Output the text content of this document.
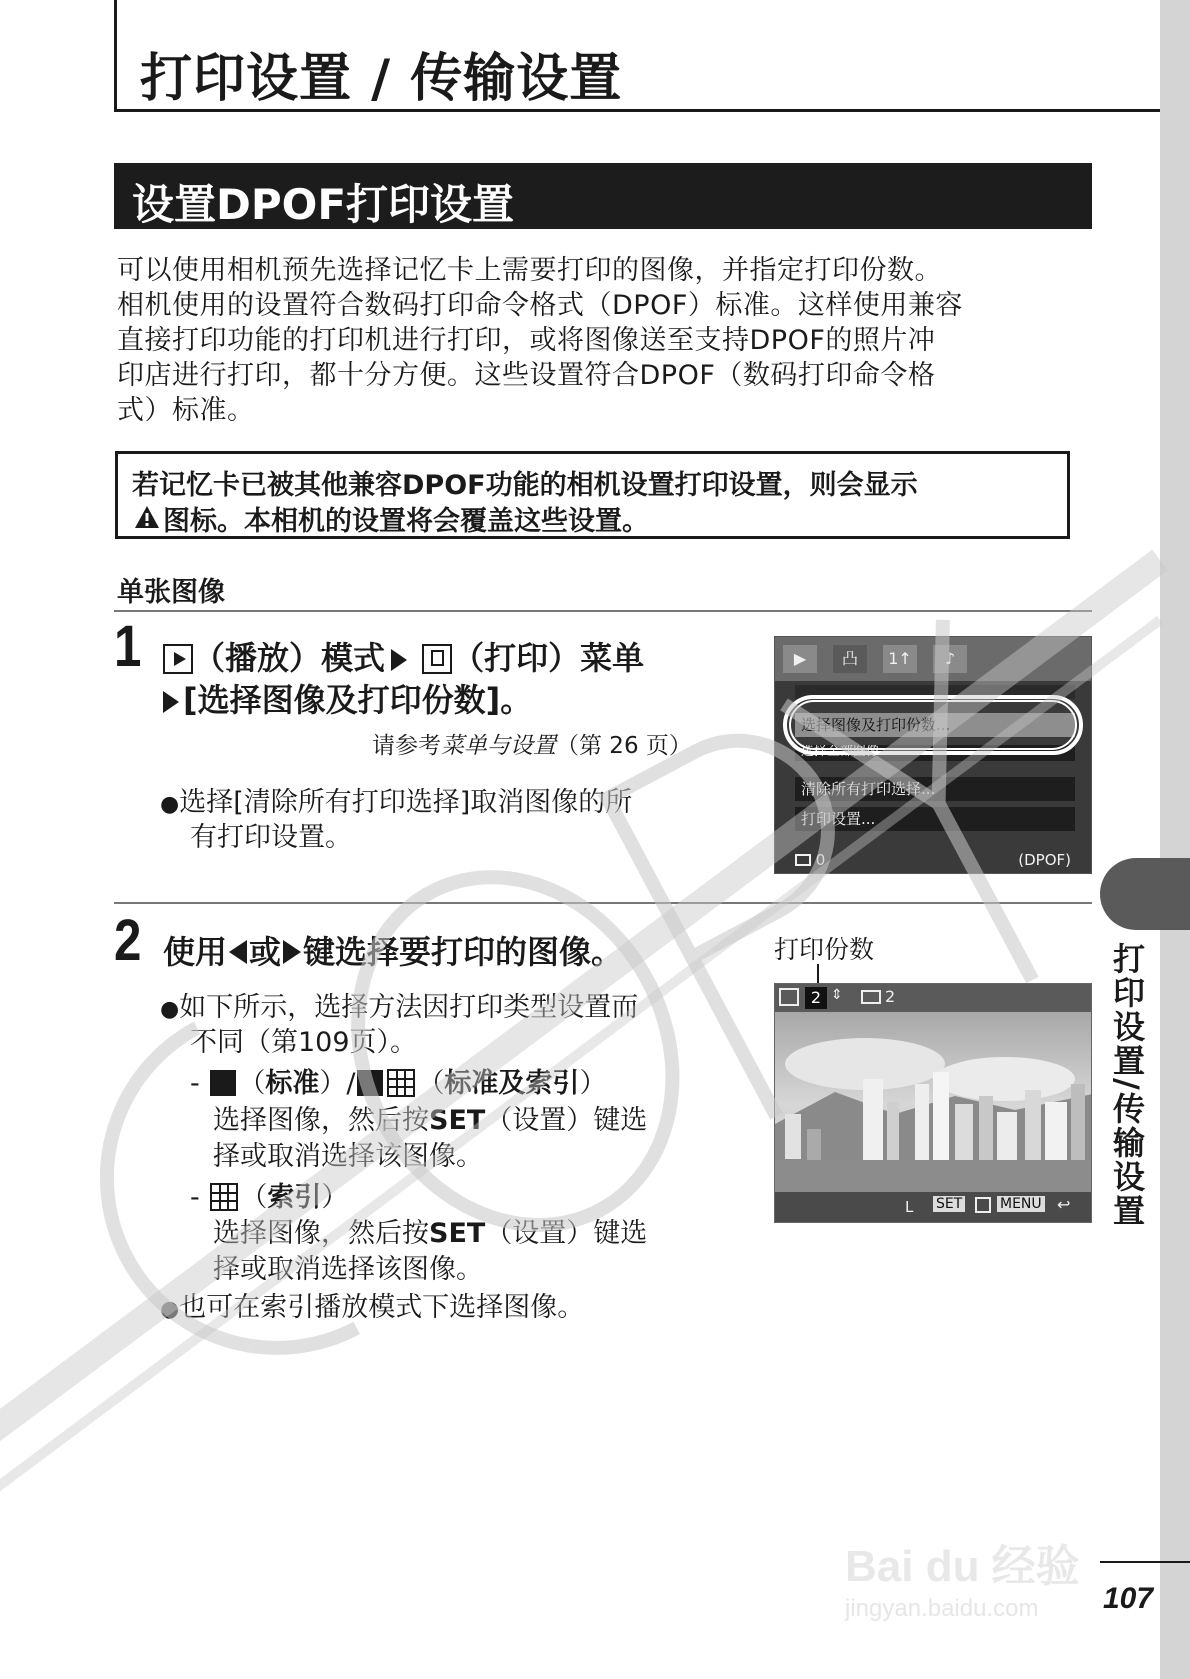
打印设置 / 传输设置
设置DPOF打印设置
可以使用相机预先选择记忆卡上需要打印的图像，并指定打印份数。
相机使用的设置符合数码打印命令格式（DPOF）标准。这样使用兼容
直接打印功能的打印机进行打印，或将图像送至支持DPOF的照片冲
印店进行打印，都十分方便。这些设置符合DPOF（数码打印命令格
式）标准。
若记忆卡已被其他兼容DPOF功能的相机设置打印设置，则会显示
图标。本相机的设置将会覆盖这些设置。
单张图像
1	（播放）模式 （打印）菜单
[选择图像及打印份数]。
请参考菜单与设置（第 26 页）
●选择[清除所有打印选择]取消图像的所
有打印设置。
▶	凸	1↑	♪
选择图像及打印份数...
选择全部图像...
清除所有打印选择...
打印设置...
0	(DPOF)
2 使用 或 键选择要打印的图像。
●如下所示，选择方法因打印类型设置而
不同（第109页）。
- （标准）/ （标准及索引）
选择图像，然后按SET（设置）键选
择或取消选择该图像。
- （索引）
选择图像，然后按SET（设置）键选
择或取消选择该图像。
●也可在索引播放模式下选择图像。
打印份数
2 ⇕	2
L SET	MENU ↩ 打印设置/传输设置
Bai du 经验
jingyan.baidu.com 107
